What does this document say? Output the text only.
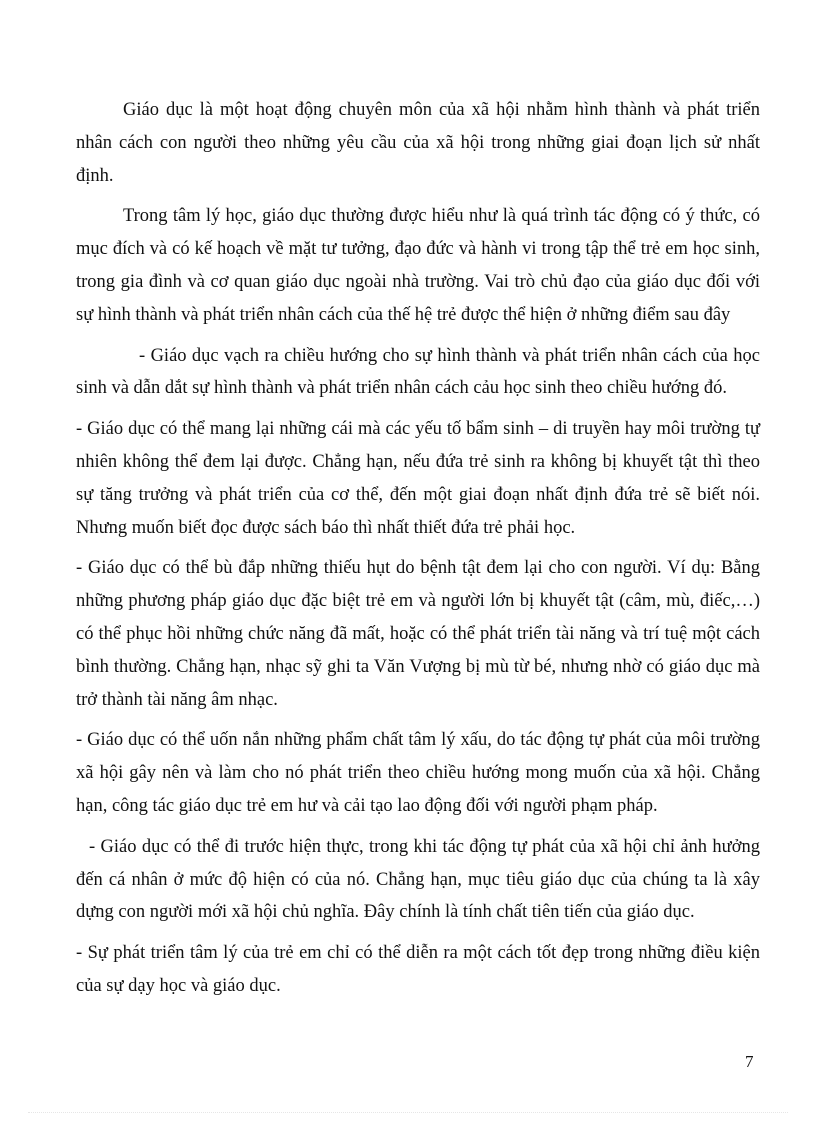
Giáo dục là một hoạt động chuyên môn của xã hội nhằm hình thành và phát triển nhân cách con người theo những yêu cầu của xã hội trong những giai đoạn lịch sử nhất định.

Trong tâm lý học, giáo dục thường được hiểu như là quá trình tác động có ý thức, có mục đích và có kế hoạch về mặt tư tưởng, đạo đức và hành vi trong tập thể trẻ em học sinh, trong gia đình và cơ quan giáo dục ngoài nhà trường. Vai trò chủ đạo của giáo dục đối với sự hình thành và phát triển nhân cách của thế hệ trẻ được thể hiện ở những điểm sau đây

- Giáo dục vạch ra chiều hướng cho sự hình thành và phát triển nhân cách của học sinh và dẫn dắt sự hình thành và phát triển nhân cách cảu học sinh theo chiều hướng đó.

- Giáo dục có thể mang lại những cái mà các yếu tố bẩm sinh – di truyền hay môi trường tự nhiên không thể đem lại được. Chẳng hạn, nếu đứa trẻ sinh ra không bị khuyết tật thì theo sự tăng trưởng và phát triển của cơ thể, đến một giai đoạn nhất định đứa trẻ sẽ biết nói. Nhưng muốn biết đọc được sách báo thì nhất thiết đứa trẻ phải học.

- Giáo dục có thể bù đắp những thiếu hụt do bệnh tật đem lại cho con người. Ví dụ: Bằng những phương pháp giáo dục đặc biệt trẻ em và người lớn bị khuyết tật (câm, mù, điếc,…) có thể phục hồi những chức năng đã mất, hoặc có thể phát triển tài năng và trí tuệ một cách bình thường. Chẳng hạn, nhạc sỹ ghi ta Văn Vượng bị mù từ bé, nhưng nhờ có giáo dục mà trở thành tài năng âm nhạc.

- Giáo dục có thể uốn nắn những phẩm chất tâm lý xấu, do tác động tự phát của môi trường xã hội gây nên và làm cho nó phát triển theo chiều hướng mong muốn của xã hội. Chẳng hạn, công tác giáo dục trẻ em hư và cải tạo lao động đối với người phạm pháp.

- Giáo dục có thể đi trước hiện thực, trong khi tác động tự phát của xã hội chỉ ảnh hưởng đến cá nhân ở mức độ hiện có của nó. Chẳng hạn, mục tiêu giáo dục của chúng ta là xây dựng con người mới xã hội chủ nghĩa. Đây chính là tính chất tiên tiến của giáo dục.

- Sự phát triển tâm lý của trẻ em chỉ có thể diễn ra một cách tốt đẹp trong những điều kiện của sự dạy học và giáo dục.

7
